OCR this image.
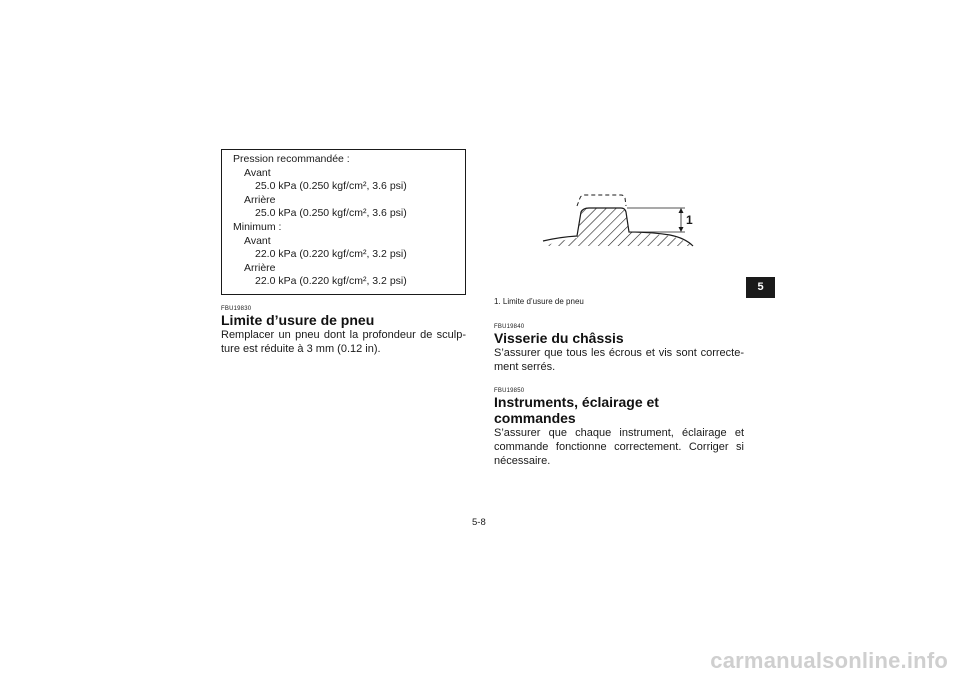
Pression recommandée :
Avant
25.0 kPa (0.250 kgf/cm², 3.6 psi)
Arrière
25.0 kPa (0.250 kgf/cm², 3.6 psi)
Minimum :
Avant
22.0 kPa (0.220 kgf/cm², 3.2 psi)
Arrière
22.0 kPa (0.220 kgf/cm², 3.2 psi)
FBU19830
Limite d’usure de pneu
Remplacer un pneu dont la profondeur de sculp-ture est réduite à 3 mm (0.12 in).
1
1. Limite d’usure de pneu
FBU19840
Visserie du châssis
S’assurer que tous les écrous et vis sont correcte-ment serrés.
FBU19850
Instruments, éclairage et commandes
S’assurer que chaque instrument, éclairage et commande fonctionne correctement. Corriger si nécessaire.
5
5-8
carmanualsonline.info
